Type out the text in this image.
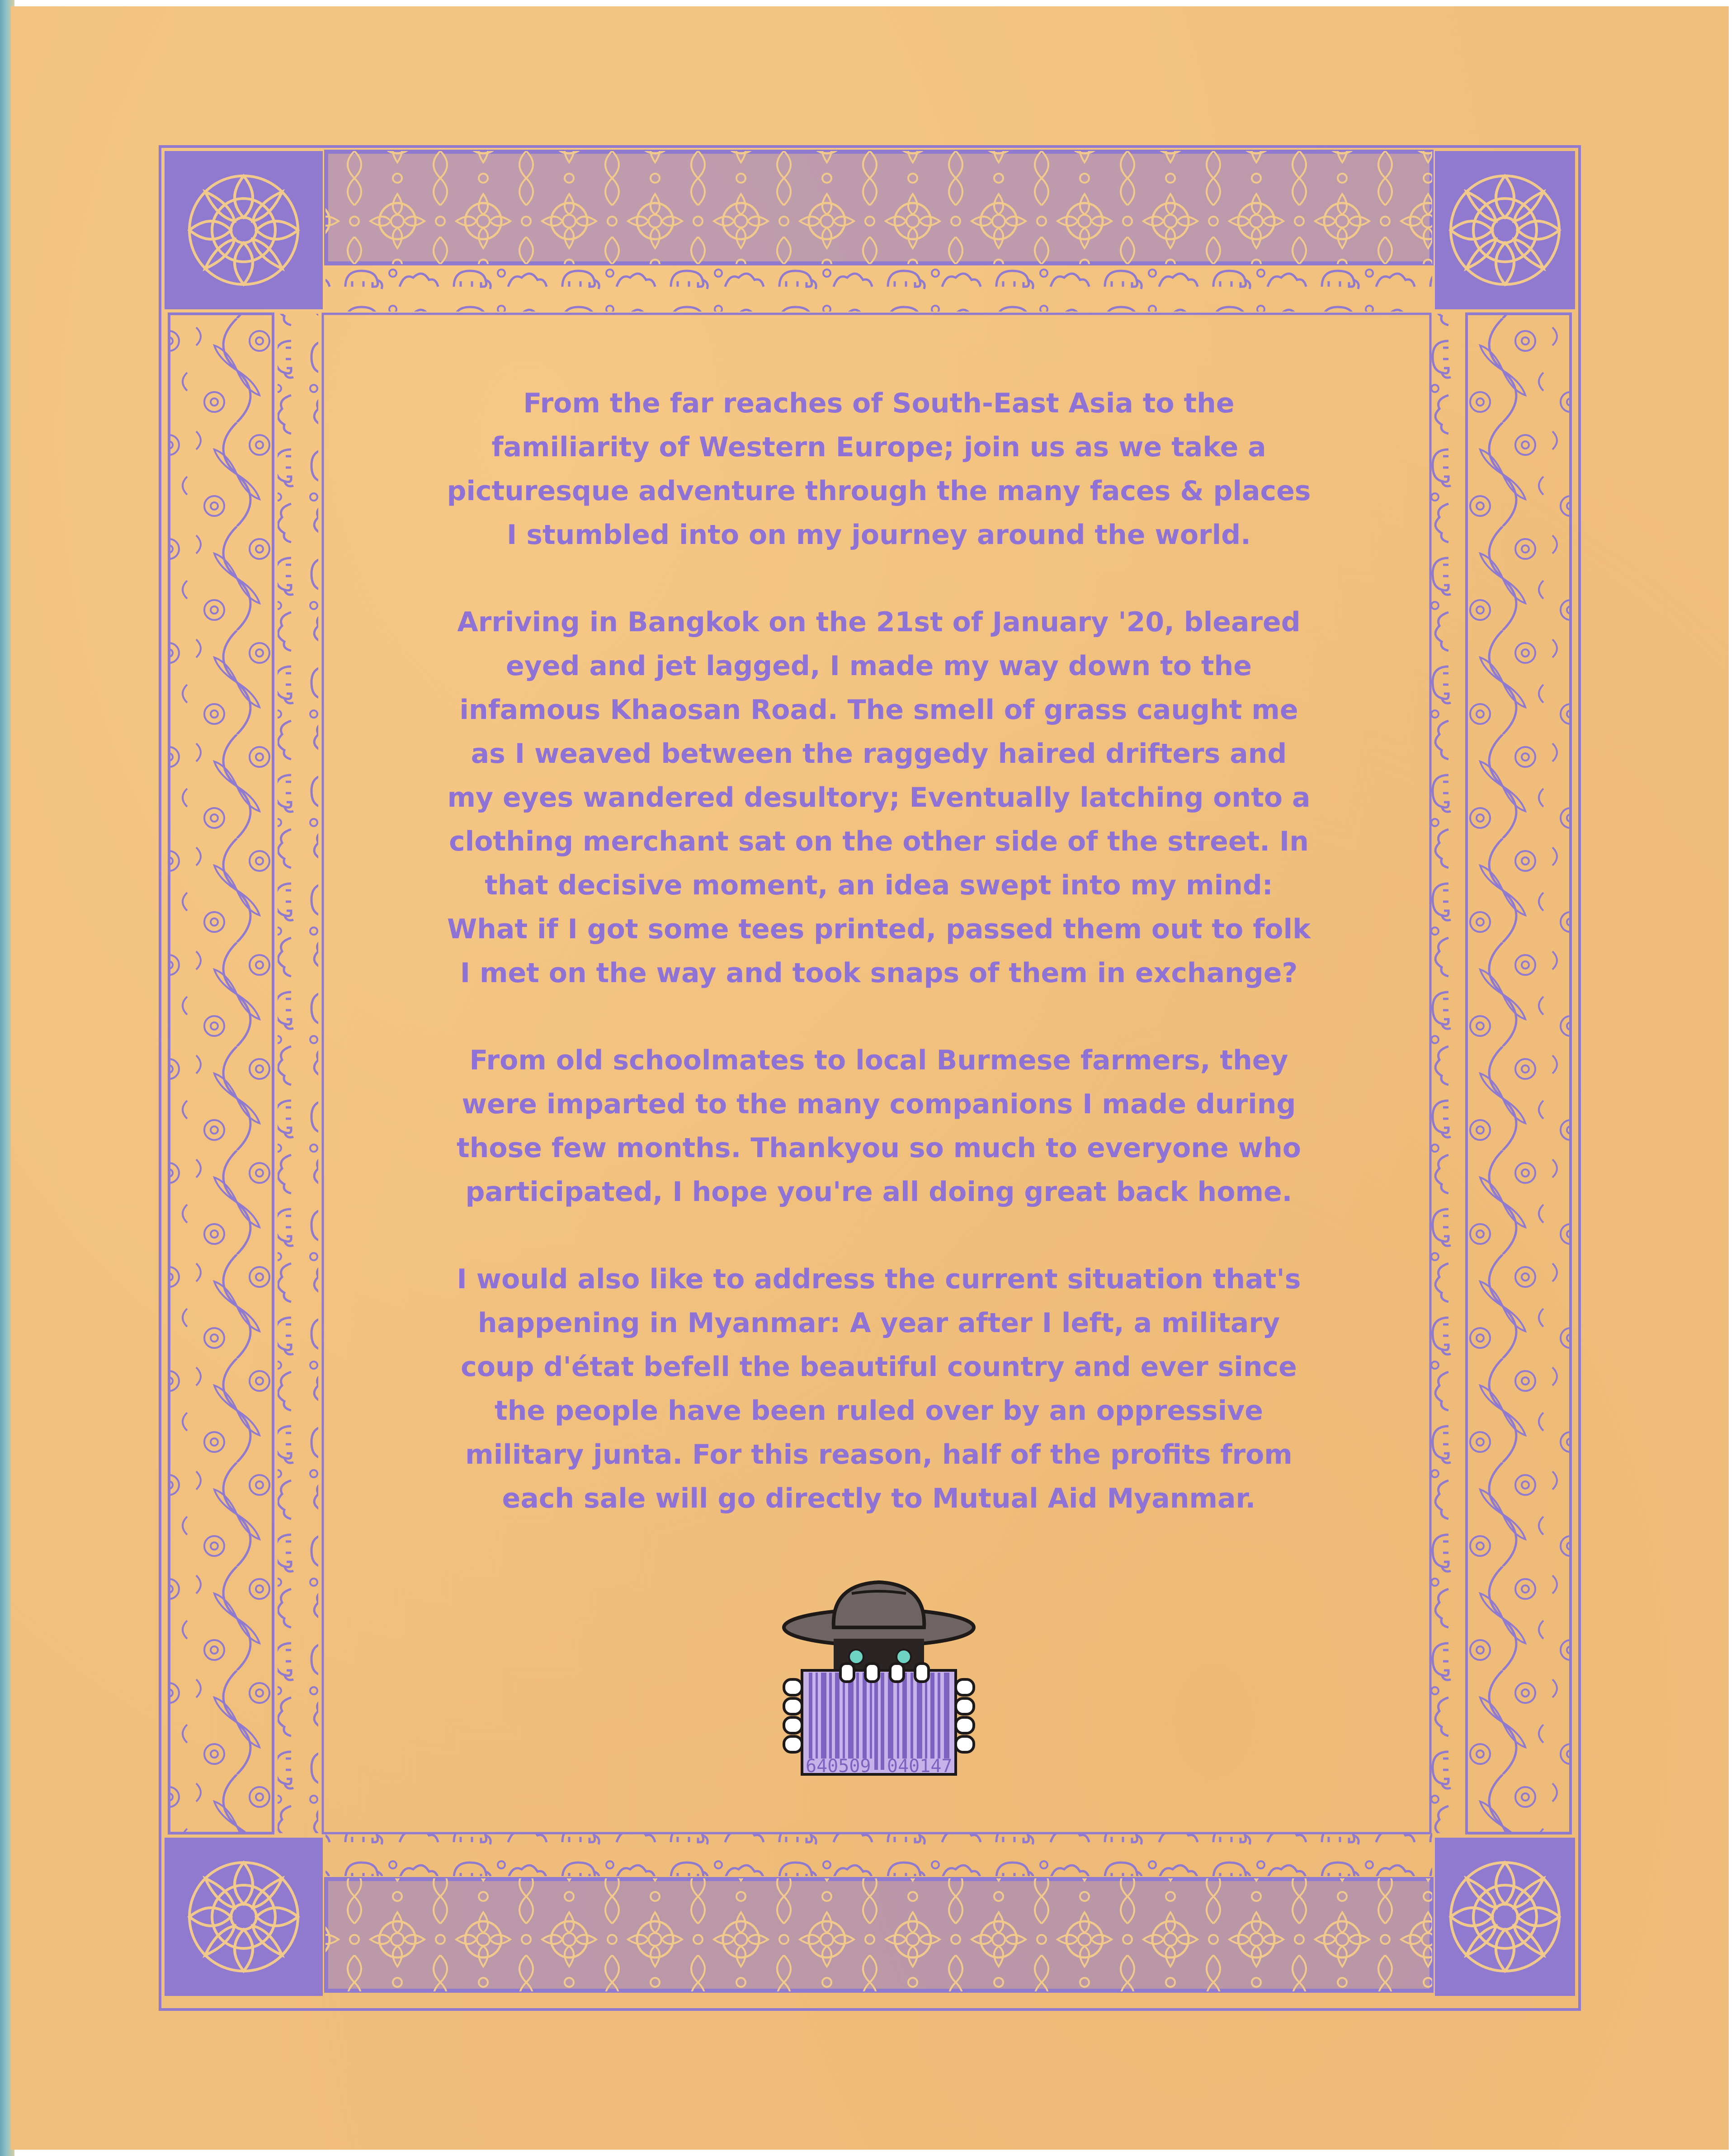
640509 040147

From the far reaches of South-East Asia to the
familiarity of Western Europe; join us as we take a
picturesque adventure through the many faces & places
I stumbled into on my journey around the world.

Arriving in Bangkok on the 21st of January '20, bleared
eyed and jet lagged, I made my way down to the
infamous Khaosan Road. The smell of grass caught me
as I weaved between the raggedy haired drifters and
my eyes wandered desultory; Eventually latching onto a
clothing merchant sat on the other side of the street. In
that decisive moment, an idea swept into my mind:
What if I got some tees printed, passed them out to folk
I met on the way and took snaps of them in exchange?

From old schoolmates to local Burmese farmers, they
were imparted to the many companions I made during
those few months. Thankyou so much to everyone who
participated, I hope you're all doing great back home.

I would also like to address the current situation that's
happening in Myanmar: A year after I left, a military
coup d'état befell the beautiful country and ever since
the people have been ruled over by an oppressive
military junta. For this reason, half of the profits from
each sale will go directly to Mutual Aid Myanmar.
